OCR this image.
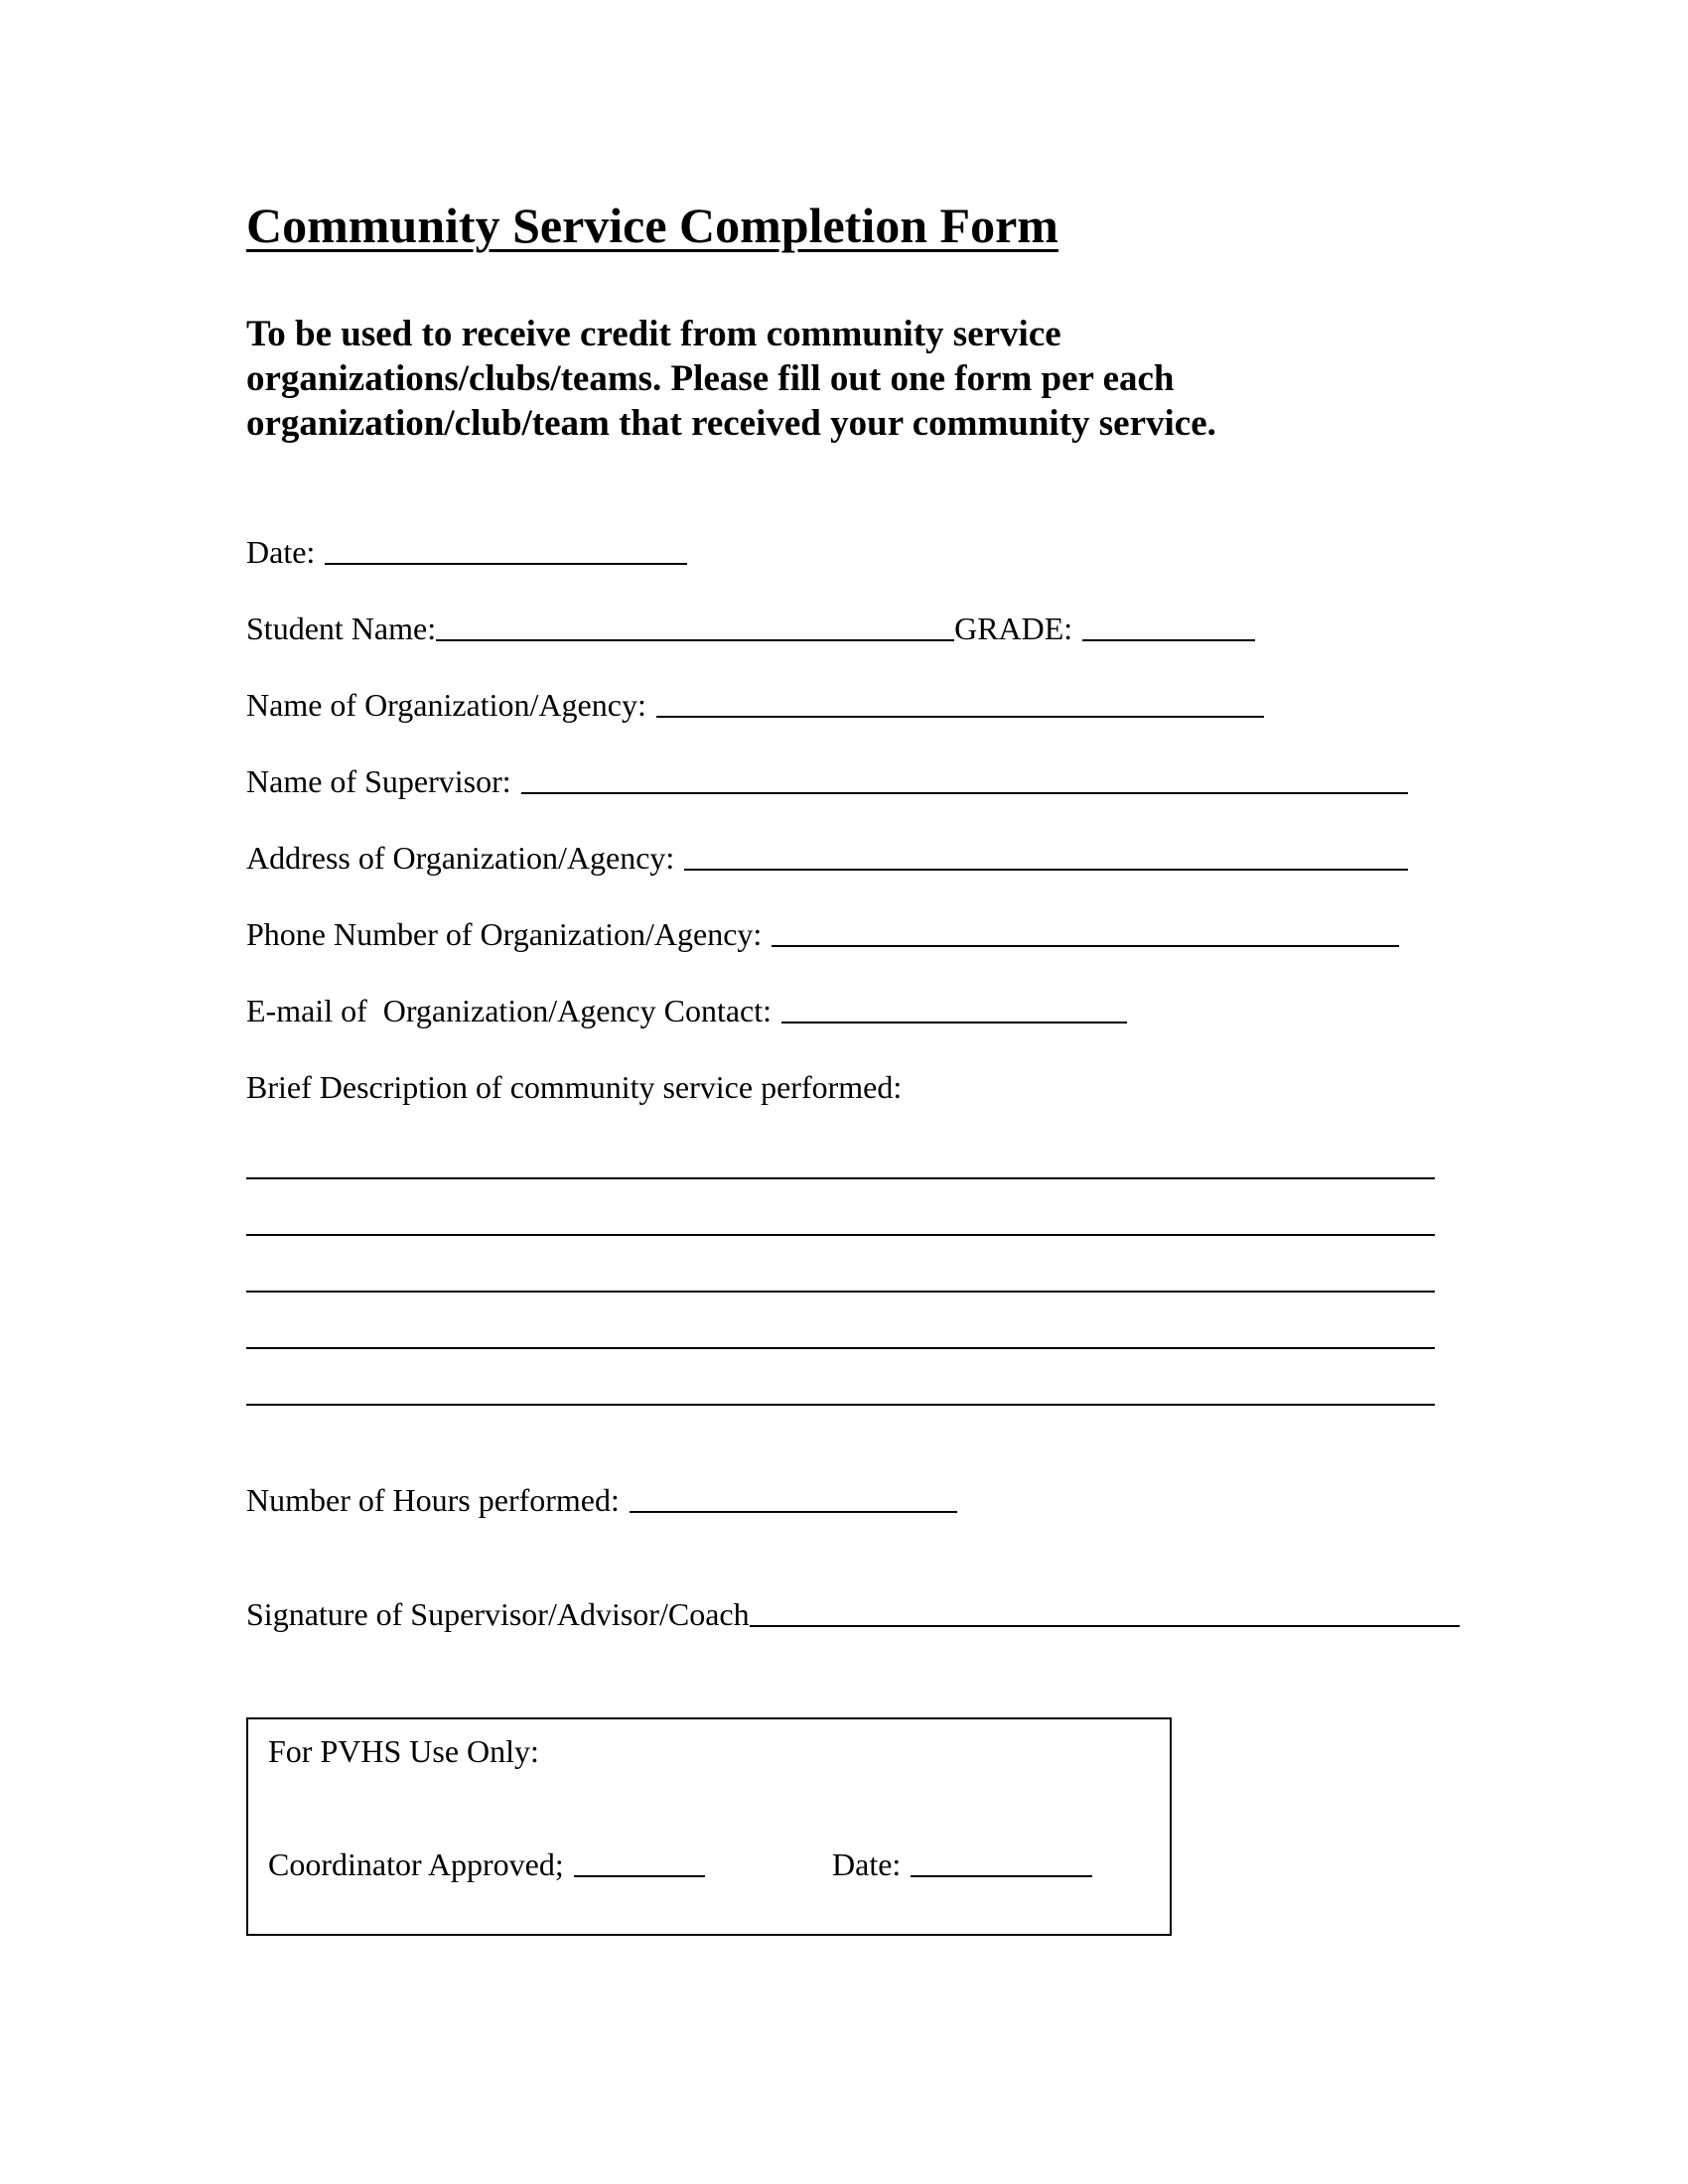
Community Service Completion Form
To be used to receive credit from community service
organizations/clubs/teams. Please fill out one form per each
organization/club/team that received your community service.
Date:
Student Name:	GRADE:
Name of Organization/Agency:
Name of Supervisor:
Address of Organization/Agency:
Phone Number of Organization/Agency:
E-mail of  Organization/Agency Contact:
Brief Description of community service performed:
Number of Hours performed:
Signature of Supervisor/Advisor/Coach
For PVHS Use Only:
Coordinator Approved;	Date:
